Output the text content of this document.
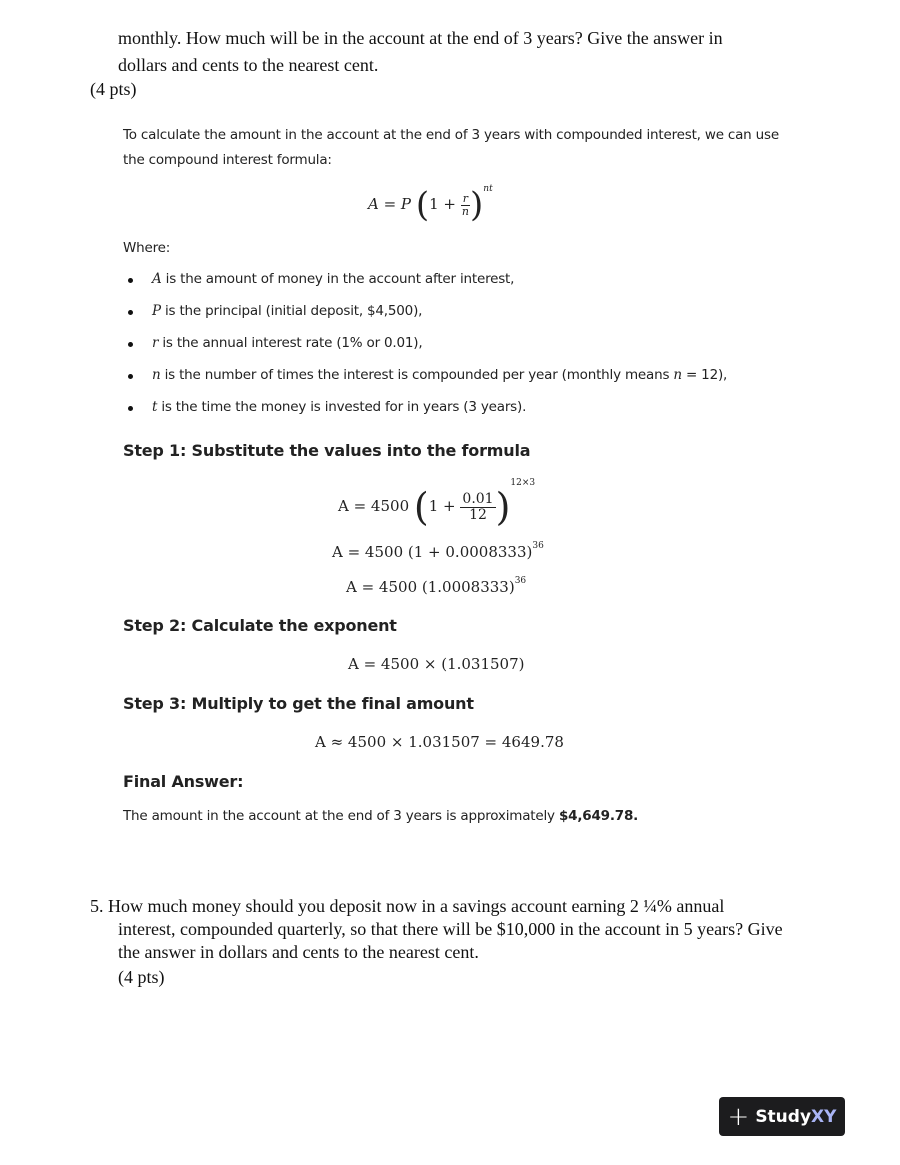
monthly. How much will be in the account at the end of 3 years? Give the answer in
dollars and cents to the nearest cent.
(4 pts)
To calculate the amount in the account at the end of 3 years with compounded interest, we can use
the compound interest formula:
A = P $(1 + \frac{r}{n} )^{nt}$
Where:
A is the amount of money in the account after interest,
P is the principal (initial deposit, $4,500),
r is the annual interest rate (1% or 0.01),
n is the number of times the interest is compounded per year (monthly means n = 12),
t is the time the money is invested for in years (3 years).
Step 1: Substitute the values into the formula
A = 4500 $(1 + \frac{0.01}{12} )^{12\times 3}$
A = 4500 $(1 + 0.0008333)^{36}$
A = 4500 $(1.0008333)^{36}$
Step 2: Calculate the exponent
A = 4500 × (1.031507)
Step 3: Multiply to get the final amount
A ≈ 4500 × 1.031507 = 4649.78
Final Answer:
The amount in the account at the end of 3 years is approximately $4,649.78.
5. How much money should you deposit now in a savings account earning 2 ¼% annual
interest, compounded quarterly, so that there will be $10,000 in the account in 5 years? Give
the answer in dollars and cents to the nearest cent.
(4 pts)
+ Study XY
